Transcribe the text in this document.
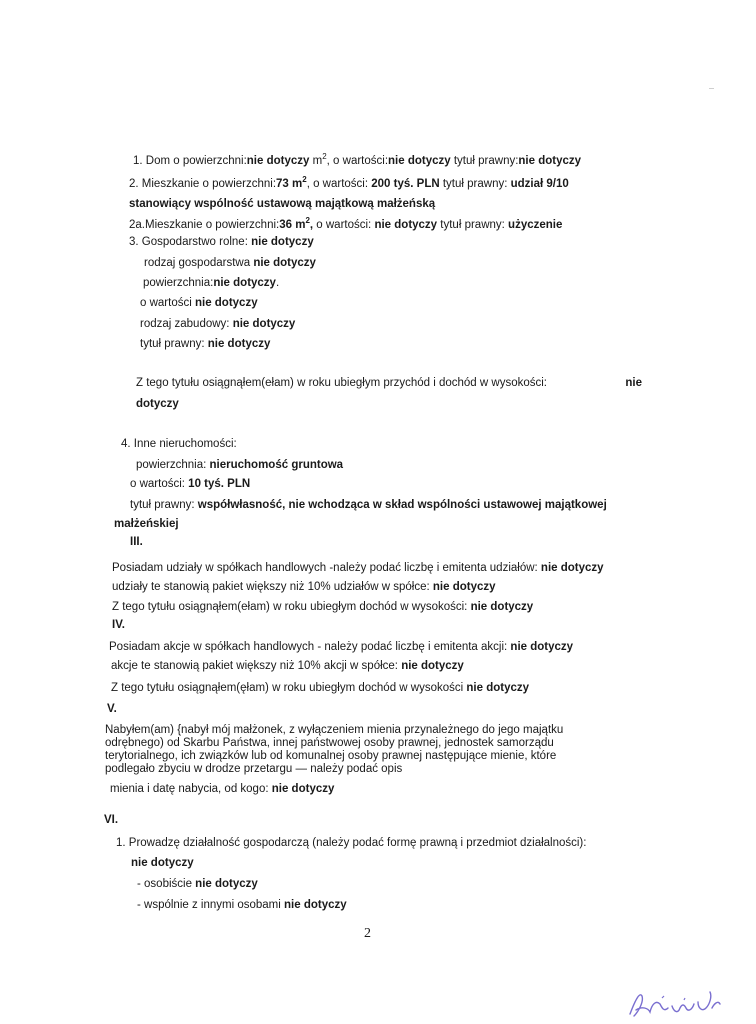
1. Dom o powierzchni:nie dotyczy $m^2$, o wartości:nie dotyczy tytuł prawny:nie dotyczy
2. Mieszkanie o powierzchni:73 $m^2$, o wartości: 200 tyś. PLN tytuł prawny: udział 9/10
stanowiący wspólność ustawową majątkową małżeńską
2a.Mieszkanie o powierzchni:36 $m^2$, o wartości: nie dotyczy tytuł prawny: użyczenie
3. Gospodarstwo rolne: nie dotyczy
rodzaj gospodarstwa nie dotyczy
powierzchnia:nie dotyczy.
o wartości nie dotyczy
rodzaj zabudowy: nie dotyczy
tytuł prawny: nie dotyczy
Z tego tytułu osiągnąłem(ełam) w roku ubiegłym przychód i dochód w wysokości:	nie
dotyczy
4. Inne nieruchomości:
powierzchnia: nieruchomość gruntowa
o wartości: 10 tyś. PLN
tytuł prawny: współwłasność, nie wchodząca w skład wspólności ustawowej majątkowej
małżeńskiej
III.
Posiadam udziały w spółkach handlowych -należy podać liczbę i emitenta udziałów: nie dotyczy
udziały te stanowią pakiet większy niż 10% udziałów w spółce: nie dotyczy
Z tego tytułu osiągnąłem(ełam) w roku ubiegłym dochód w wysokości: nie dotyczy
IV.
Posiadam akcje w spółkach handlowych - należy podać liczbę i emitenta akcji: nie dotyczy
akcje te stanowią pakiet większy niż 10% akcji w spółce: nie dotyczy
Z tego tytułu osiągnąłem(ęłam) w roku ubiegłym dochód w wysokości nie dotyczy
V.
Nabyłem(am) {nabył mój małżonek, z wyłączeniem mienia przynależnego do jego majątku
odrębnego) od Skarbu Państwa, innej państwowej osoby prawnej, jednostek samorządu
terytorialnego, ich związków lub od komunalnej osoby prawnej następujące mienie, które
podlegało zbyciu w drodze przetargu — należy podać opis
mienia i datę nabycia, od kogo: nie dotyczy
VI.
1. Prowadzę działalność gospodarczą (należy podać formę prawną i przedmiot działalności):
nie dotyczy
- osobiście nie dotyczy
- wspólnie z innymi osobami nie dotyczy
2
